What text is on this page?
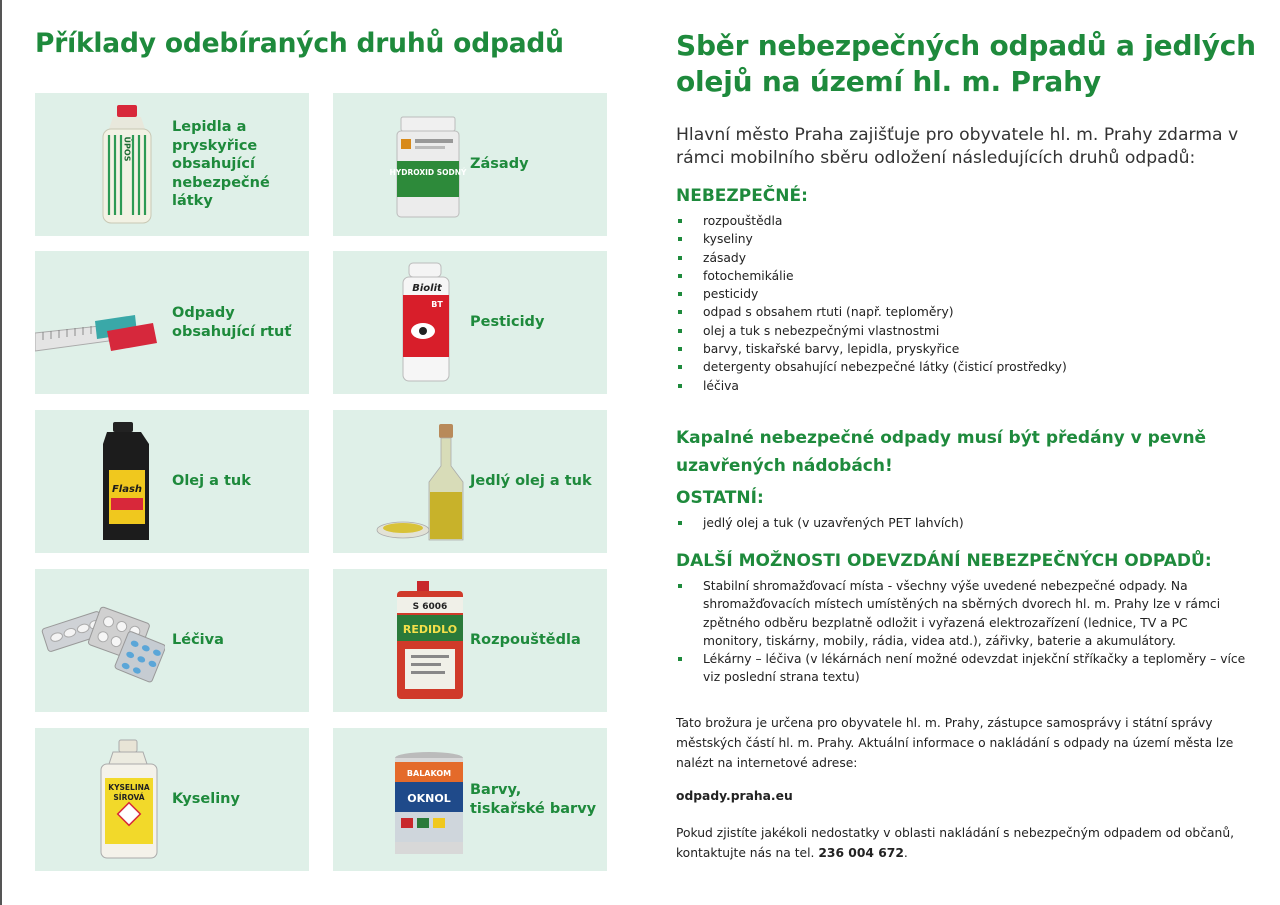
Příklady odebíraných druhů odpadů
ÚPOS
Lepidla a pryskyřice obsahující nebezpečné látky
HYDROXID SODNÝ
Zásady
Odpady obsahující rtuť
Biolit
BT
Pesticidy
Flash
Olej a tuk	Jedlý olej a tuk
Léčiva
S 6006
REDIDLO
Rozpouštědla
KYSELINA
SÍROVÁ Kyseliny
BALAKOM
OKNOL
Barvy, tiskařské barvy
Sběr nebezpečných odpadů a jedlých olejů na území hl. m. Prahy
Hlavní město Praha zajišťuje pro obyvatele hl. m. Prahy zdarma v rámci mobilního sběru odložení následujících druhů odpadů:
NEBEZPEČNÉ:
rozpouštědla
kyseliny
zásady
fotochemikálie
pesticidy
odpad s obsahem rtuti (např. teploměry)
olej a tuk s nebezpečnými vlastnostmi
barvy, tiskařské barvy, lepidla, pryskyřice
detergenty obsahující nebezpečné látky (čisticí prostředky)
léčiva
Kapalné nebezpečné odpady musí být předány v pevně uzavřených nádobách!
OSTATNÍ:
jedlý olej a tuk (v uzavřených PET lahvích)
DALŠÍ MOŽNOSTI ODEVZDÁNÍ NEBEZPEČNÝCH ODPADŮ:
Stabilní shromažďovací místa - všechny výše uvedené nebezpečné odpady. Na shromažďovacích místech umístěných na sběrných dvorech hl. m. Prahy lze v rámci zpětného odběru bezplatně odložit i vyřazená elektrozařízení (lednice, TV a PC monitory, tiskárny, mobily, rádia, videa atd.), zářivky, baterie a akumulátory.
Lékárny – léčiva (v lékárnách není možné odevzdat injekční stříkačky a teploměry – více viz poslední strana textu)
Tato brožura je určena pro obyvatele hl. m. Prahy, zástupce samosprávy i státní správy městských částí hl. m. Prahy. Aktuální informace o nakládání s odpady na území města lze nalézt na internetové adrese:
odpady.praha.eu
Pokud zjistíte jakékoli nedostatky v oblasti nakládání s nebezpečným odpadem od občanů, kontaktujte nás na tel. 236 004 672.
